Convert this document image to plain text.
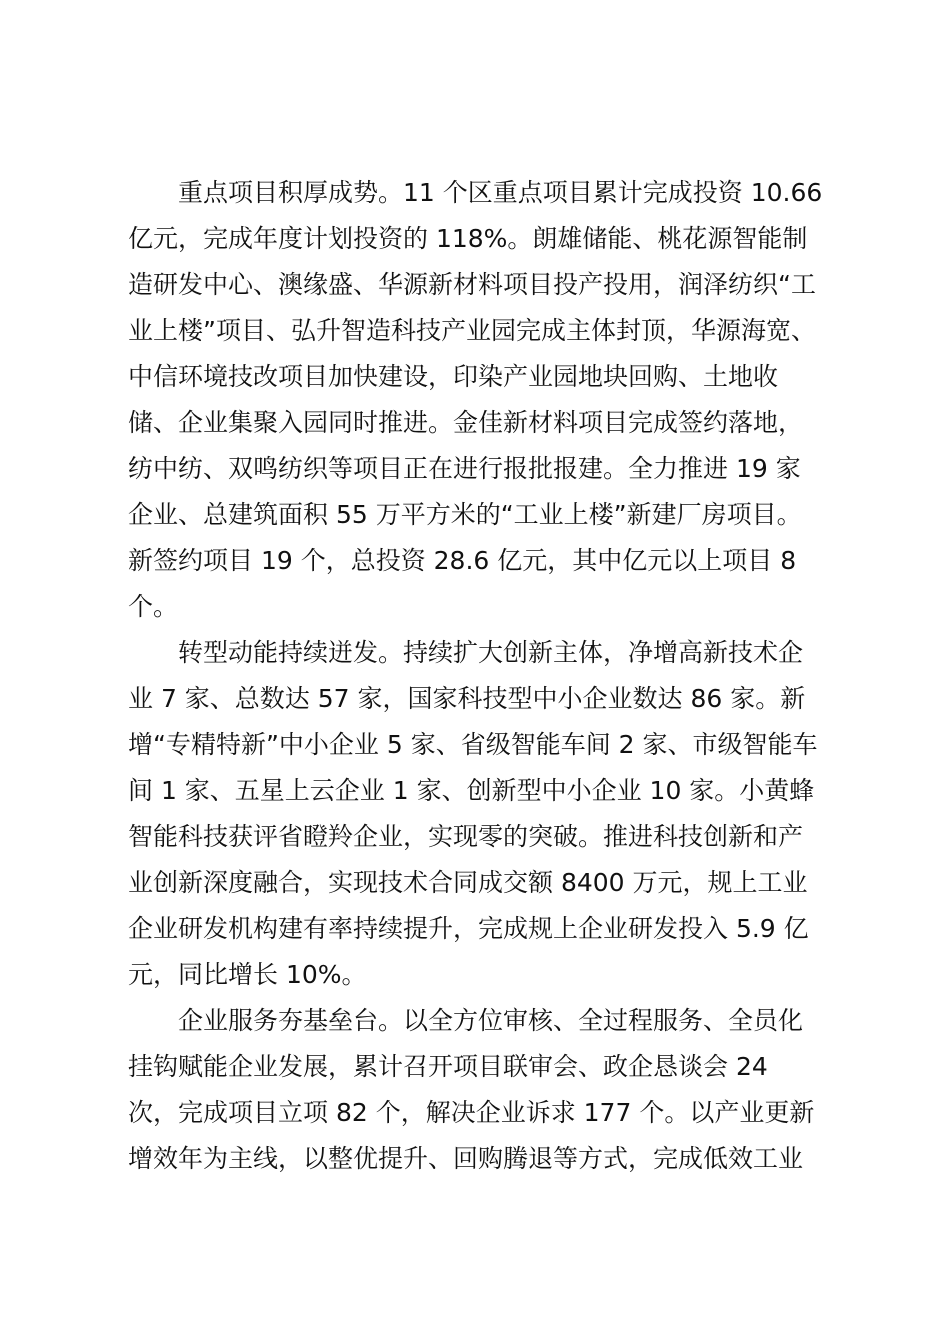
重点项目积厚成势。11 个区重点项目累计完成投资 10.66
亿元，完成年度计划投资的 118%。朗雄储能、桃花源智能制
造研发中心、澳缘盛、华源新材料项目投产投用，润泽纺织“工
业上楼”项目、弘升智造科技产业园完成主体封顶，华源海宽、
中信环境技改项目加快建设，印染产业园地块回购、土地收
储、企业集聚入园同时推进。金佳新材料项目完成签约落地，
纺中纺、双鸣纺织等项目正在进行报批报建。全力推进 19 家
企业、总建筑面积 55 万平方米的“工业上楼”新建厂房项目。
新签约项目 19 个，总投资 28.6 亿元，其中亿元以上项目 8
个。
转型动能持续迸发。持续扩大创新主体，净增高新技术企
业 7 家、总数达 57 家，国家科技型中小企业数达 86 家。新
增“专精特新”中小企业 5 家、省级智能车间 2 家、市级智能车
间 1 家、五星上云企业 1 家、创新型中小企业 10 家。小黄蜂
智能科技获评省瞪羚企业，实现零的突破。推进科技创新和产
业创新深度融合，实现技术合同成交额 8400 万元，规上工业
企业研发机构建有率持续提升，完成规上企业研发投入 5.9 亿
元，同比增长 10%。
企业服务夯基垒台。以全方位审核、全过程服务、全员化
挂钩赋能企业发展，累计召开项目联审会、政企恳谈会 24
次，完成项目立项 82 个，解决企业诉求 177 个。以产业更新
增效年为主线，以整优提升、回购腾退等方式，完成低效工业
